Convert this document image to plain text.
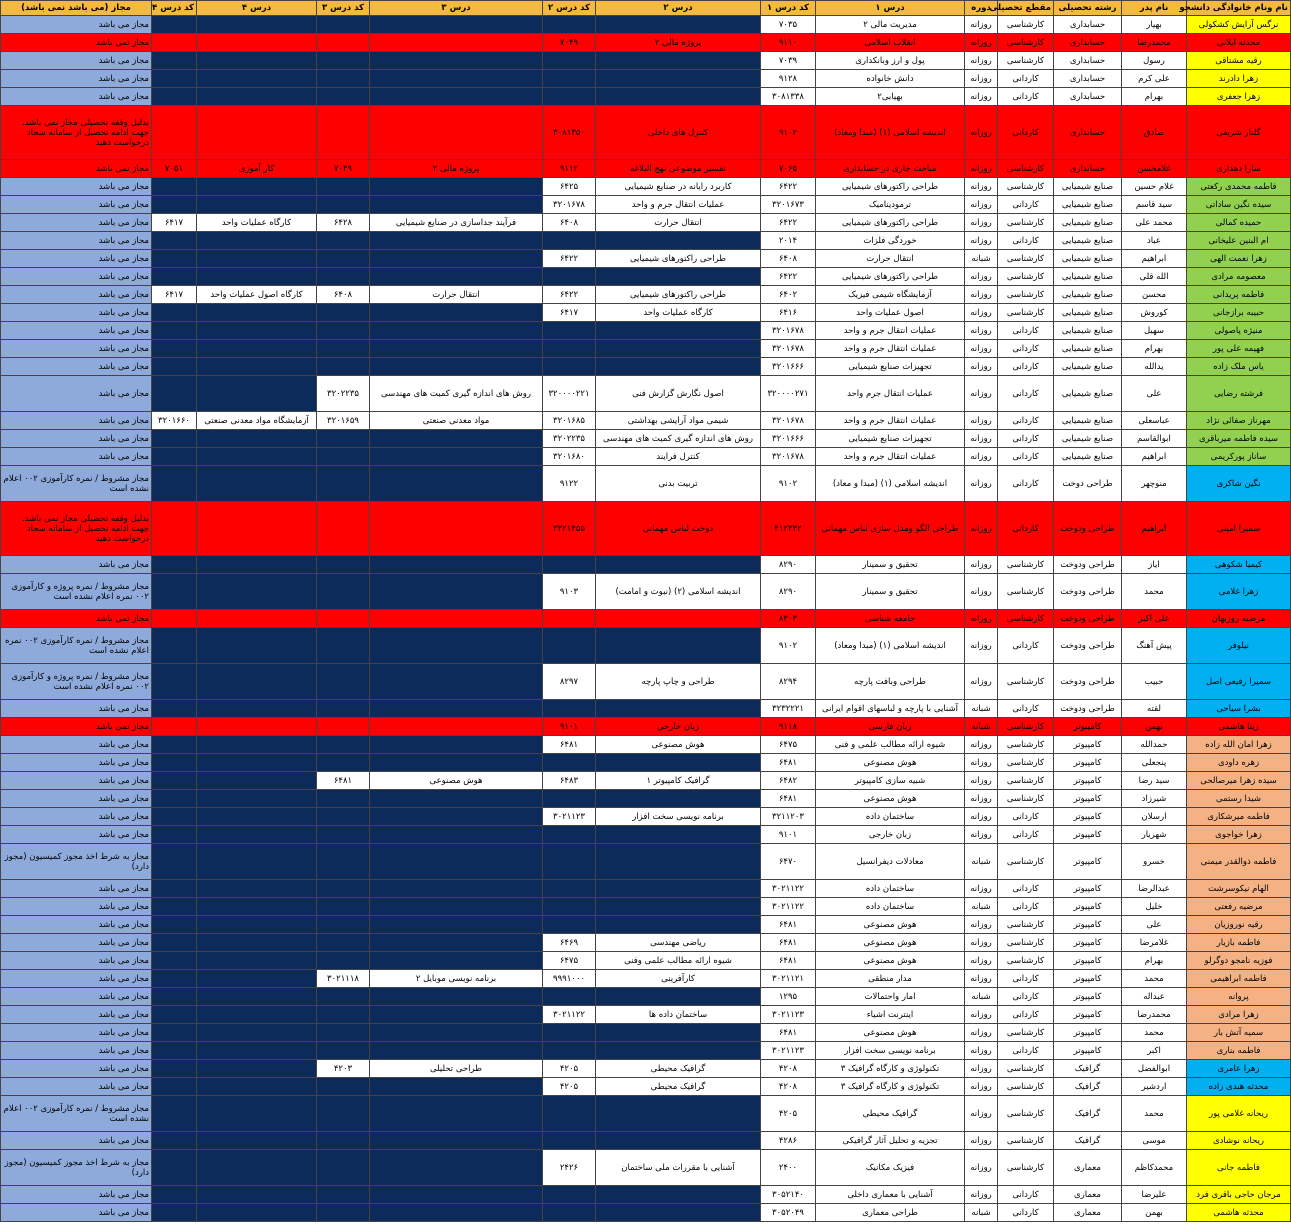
نام ونام خانوادگی دانشجو	نام پدر	رشته تحصیلی	مقطع تحصیلی	دوره	درس ۱	کد درس ۱	درس ۲	کد درس ۲	درس ۳	کد درس ۳	درس ۴	کد درس ۴	مجاز (می باشد نمی باشد)
نرگس آرایش کشکولی	بهیار	حسابداری	کارشناسی	روزانه	مدیریت مالی ۲	۷۰۳۵							مجاز می باشد
محدثه ایلانی	محمدرضا	حسابداری	کارشناسی	روزانه	انقلاب اسلامی	۹۱۱۰	پروژه مالی ۲	۷۰۴۹					مجاز نمی باشد
رقیه مشتاقی	رسول	حسابداری	کارشناسی	روزانه	پول و ارز وبانکداری	۷۰۳۹							مجاز می باشد
زهرا دادرند	علی کرم	حسابداری	کاردانی	روزانه	دانش خانواده	۹۱۲۸							مجاز می باشد
زهرا جعفری	بهرام	حسابداری	کاردانی	روزانه	بهیابی۲	۳۰۸۱۳۳۸							مجاز می باشد
گلنار شریفی	صادق	حسابداری	کاردانی	روزانه	اندیشه اسلامی (۱) (مبدا ومعاد)	۹۱۰۲	کنترل های داخلی	۳۰۸۱۳۵۰					بدلیل وقفه تحصیلی مجاز نمی باشد. جهت ادامه تحصیل از سامانه سجاد درخواست دهید
سارا دهداری	غلامحسن	حسابداری	کارشناسی	روزانه	مباحث جاری در حسابداری	۷۰۶۵	تفسیر موضوعی نهج البلاغه	۹۱۱۲	پروژه مالی ۲	۷۰۴۹	کار آموزی	۷۰۵۱	مجاز نمی باشد
فاطمه محمدی رکعتی	غلام حسین	صنایع شیمیایی	کارشناسی	روزانه	طراحی راکتورهای شیمیایی	۶۴۲۲	کاربرد رایانه در صنایع شیمیایی	۶۴۲۵					مجاز می باشد
سیده نگین ساداتی	سید قاسم	صنایع شیمیایی	کاردانی	روزانه	ترمودینامیک	۳۲۰۱۶۷۳	عملیات انتقال جرم و واحد	۳۲۰۱۶۷۸					مجاز می باشد
حمیده کمالی	محمد علی	صنایع شیمیایی	کارشناسی	روزانه	طراحی راکتورهای شیمیایی	۶۴۲۲	انتقال حرارت	۶۴۰۸	فرآیند جداسازی در صنایع شیمیایی	۶۴۲۸	کارگاه عملیات واحد	۶۴۱۷	مجاز می باشد
ام البنین علیخانی	عباد	صنایع شیمیایی	کاردانی	روزانه	خوردگی فلزات	۲۰۱۴							مجاز می باشد
زهرا نعمت الهی	ابراهیم	صنایع شیمیایی	کارشناسی	شبانه	انتقال حرارت	۶۴۰۸	طراحی راکتورهای شیمیایی	۶۴۲۲					مجاز می باشد
معصومه مرادی	الله قلی	صنایع شیمیایی	کارشناسی	روزانه	طراحی راکتورهای شیمیایی	۶۴۲۲							مجاز می باشد
فاطمه پریدانی	محسن	صنایع شیمیایی	کارشناسی	روزانه	آزمایشگاه شیمی فیزیک	۶۴۰۲	طراحی راکتورهای شیمیایی	۶۴۲۲	انتقال حرارت	۶۴۰۸	کارگاه اصول عملیات واحد	۶۴۱۷	مجاز می باشد
حبیبه برازجانی	کوروش	صنایع شیمیایی	کارشناسی	روزانه	اصول عملیات واحد	۶۴۱۶	کارگاه عملیات واحد	۶۴۱۷					مجاز می باشد
منیژه پاصولی	سهیل	صنایع شیمیایی	کاردانی	روزانه	عملیات انتقال جرم و واحد	۳۲۰۱۶۷۸							مجاز می باشد
فهیمه علی پور	بهرام	صنایع شیمیایی	کاردانی	روزانه	عملیات انتقال جرم و واحد	۳۲۰۱۶۷۸							مجاز می باشد
یاس ملک زاده	یدالله	صنایع شیمیایی	کاردانی	روزانه	تجهیزات صنایع شیمیایی	۳۲۰۱۶۶۶							مجاز می باشد
فرشته رضایی	علی	صنایع شیمیایی	کاردانی	روزانه	عملیات انتقال جرم واحد	۳۲۰۰۰۰۲۷۱	اصول نگارش گزارش فنی	۳۲۰۰۰۰۲۲۱	روش های اندازه گیری کمیت های مهندسی	۳۲۰۲۲۳۵			مجاز می باشد
مهرناز صفائی نژاد	عباسعلی	صنایع شیمیایی	کاردانی	روزانه	عملیات انتقال جرم و واحد	۳۲۰۱۶۷۸	شیمی مواد آرایشی بهداشتی	۳۲۰۱۶۸۵	مواد معدنی صنعتی	۳۲۰۱۶۵۹	آزمایشگاه مواد معدنی صنعتی	۳۲۰۱۶۶۰	مجاز می باشد
سیده فاطمه میرباقری	ابوالقاسم	صنایع شیمیایی	کاردانی	روزانه	تجهیزات صنایع شیمیایی	۳۲۰۱۶۶۶	روش های اندازه گیری کمیت های مهندسی	۳۲۰۲۲۳۵					مجاز می باشد
ساناز پورکریمی	ابراهیم	صنایع شیمیایی	کاردانی	روزانه	عملیات انتقال جرم و واحد	۳۲۰۱۶۷۸	کنترل فرایند	۳۲۰۱۶۸۰					مجاز می باشد
نگین شاکری	منوچهر	طراحی دوخت	کاردانی	روزانه	اندیشه اسلامی (۱) (مبدا و معاد)	۹۱۰۲	تربیت بدنی	۹۱۲۲					مجاز مشروط / نمره کارآموزی ۰۰۲ اعلام نشده است
سمیرا امینی	ابراهیم	طراحی ودوخت	کاردانی	روزانه	طراحی الگو ومدل سازی لباس مهمانی	۴۱۲۳۴۲	دوخت لباس مهمانی	۳۲۲۱۴۵۵					بدلیل وقفه تحصیلی مجاز نمی باشد. جهت ادامه تحصیل از سامانه سجاد درخواست دهید
کیمیا شکوهی	ایاز	طراحی ودوخت	کارشناسی	روزانه	تحقیق و سمینار	۸۲۹۰							مجاز می باشد
زهرا غلامی	محمد	طراحی ودوخت	کارشناسی	روزانه	تحقیق و سمینار	۸۲۹۰	اندیشه اسلامی (۲) (نبوت و امامت)	۹۱۰۳					مجاز مشروط / نمره پروژه و کارآموزی ۰۰۲ نمره اعلام نشده است
مرضیه روزبهان	علی اکبر	طراحی ودوخت	کارشناسی	روزانه	جامعه شناسی	۸۳۰۳							مجاز نمی باشد
نیلوفر	پیش آهنگ	طراحی ودوخت	کاردانی	روزانه	اندیشه اسلامی (۱) (مبدا ومعاد)	۹۱۰۲							مجاز مشروط / نمره کارآموزی ۰۰۲ نمره اعلام نشده است
سمیرا رفیعی اصل	حبیب	طراحی ودوخت	کارشناسی	روزانه	طراحی وبافت پارچه	۸۲۹۴	طراحی و چاپ پارچه	۸۲۹۷					مجاز مشروط / نمره پروژه و کارآموزی ۰۰۲ نمره اعلام نشده است
بشرا سیاحی	لقته	طراحی ودوخت	کاردانی	شبانه	آشنایی با پارچه و لباسهای اقوام ایرانی	۳۲۳۲۲۲۱							مجاز می باشد
زینا هاشمی	بهمن	کامپیوتر	کارشناسی	شبانه	زبان فارسی	۹۱۱۸	زبان خارجی	۹۱۰۱					مجاز نمی باشد
زهرا امان الله زاده	حمدالله	کامپیوتر	کارشناسی	روزانه	شیوه ارائه مطالب علمی و فنی	۶۴۷۵	هوش مصنوعی	۶۴۸۱					مجاز می باشد
زهره داودی	پنجعلی	کامپیوتر	کارشناسی	روزانه	هوش مصنوعی	۶۴۸۱							مجاز می باشد
سیده زهرا میرصالحی	سید رضا	کامپیوتر	کارشناسی	روزانه	شبیه سازی کامپیوتر	۶۴۸۲	گرافیک کامپیوتر ۱	۶۴۸۳	هوش مصنوعی	۶۴۸۱			مجاز می باشد
شیدا رستمی	شیرزاد	کامپیوتر	کارشناسی	روزانه	هوش مصنوعی	۶۴۸۱							مجاز می باشد
فاطمه میرشکاری	ارسلان	کامپیوتر	کاردانی	روزانه	ساختمان داده	۳۲۱۱۲۰۳	برنامه نویسی سخت افزار	۳۰۲۱۱۲۳					مجاز می باشد
زهرا خواجوی	شهریار	کامپیوتر	کاردانی	روزانه	زبان خارجی	۹۱۰۱							مجاز می باشد
فاطمه ذوالقدر میمنی	خسرو	کامپیوتر	کارشناسی	شبانه	معادلات دیفرانسیل	۶۴۷۰							مجاز به شرط اخذ مجوز کمیسیون (مجوز دارد)
الهام نیکوسرشت	عبدالرضا	کامپیوتر	کاردانی	روزانه	ساختمان داده	۳۰۲۱۱۲۲							مجاز می باشد
مرضیه رفعتی	خلیل	کامپیوتر	کاردانی	شبانه	ساختمان داده	۳۰۲۱۱۲۲							مجاز می باشد
رقیه نوروزیان	علی	کامپیوتر	کارشناسی	روزانه	هوش مصنوعی	۶۴۸۱							مجاز می باشد
فاطمه بازیار	غلامرضا	کامپیوتر	کارشناسی	روزانه	هوش مصنوعی	۶۴۸۱	ریاضی مهندسی	۶۴۶۹					مجاز می باشد
فوزیه نامجو دوگرلو	بهرام	کامپیوتر	کارشناسی	روزانه	هوش مصنوعی	۶۴۸۱	شیوه ارائه مطالب علمی وفنی	۶۴۷۵					مجاز می باشد
فاطمه ابراهیمی	محمد	کامپیوتر	کاردانی	روزانه	مدار منطقی	۳۰۲۱۱۲۱	کارآفرینی	۹۹۹۱۰۰۰	برنامه نویسی موبایل ۲	۳۰۲۱۱۱۸			مجاز می باشد
پروانه	عبداله	کامپیوتر	کاردانی	شبانه	امار واحتمالات	۱۲۹۵							مجاز می باشد
زهرا مرادی	محمدرضا	کامپیوتر	کاردانی	روزانه	اینترنت اشیاء	۳۰۲۱۱۲۳	ساختمان داده ها	۳۰۲۱۱۲۲					مجاز می باشد
سمیه آتش بار	محمد	کامپیوتر	کارشناسی	روزانه	هوش مصنوعی	۶۴۸۱							مجاز می باشد
فاطمه بناری	اکبر	کامپیوتر	کاردانی	روزانه	برنامه نویسی سخت افزار	۳۰۲۱۱۲۳							مجاز می باشد
زهرا عامری	ابوالفضل	گرافیک	کارشناسی	روزانه	تکنولوژی و کارگاه گرافیک ۳	۴۲۰۸	گرافیک محیطی	۴۲۰۵	طراحی تحلیلی	۴۲۰۳			مجاز می باشد
محدثه هندی زاده	اردشیر	گرافیک	کارشناسی	روزانه	تکنولوژی و کارگاه گرافیک ۳	۴۲۰۸	گرافیک محیطی	۴۲۰۵					مجاز می باشد
ریحانه غلامی پور	محمد	گرافیک	کارشناسی	روزانه	گرافیک محیطی	۴۲۰۵							مجاز مشروط / نمره کارآموزی ۰۰۲ اعلام نشده است
ریحانه نوشادی	موسی	گرافیک	کارشناسی	روزانه	تجزیه و تحلیل آثار گرافیکی	۴۲۸۶							مجاز می باشد
فاطمه جانی	محمدکاظم	معماری	کارشناسی	روزانه	فیزیک مکانیک	۲۴۰۰	آشنایی با مقررات ملی ساختمان	۲۴۲۶					مجاز به شرط اخذ مجوز کمیسیون (مجوز دارد)
مرجان حاجی باقری فرد	علیرضا	معماری	کاردانی	روزانه	آشنایی با معماری داخلی	۳۰۵۲۱۴۰							مجاز می باشد
محدثه هاشمی	بهمن	معماری	کاردانی	شبانه	طراحی معماری	۳۰۵۲۰۴۹							مجاز می باشد
